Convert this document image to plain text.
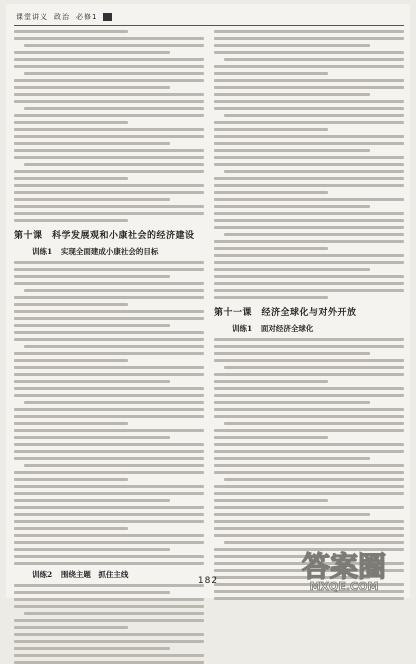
课堂讲义 政治 必修1
第十课　科学发展观和小康社会的经济建设
训练1 实现全面建成小康社会的目标
训练2 围绕主题　抓住主线
第十一课　经济全球化与对外开放
训练1 面对经济全球化
182	答案圈
MXQE.COM
